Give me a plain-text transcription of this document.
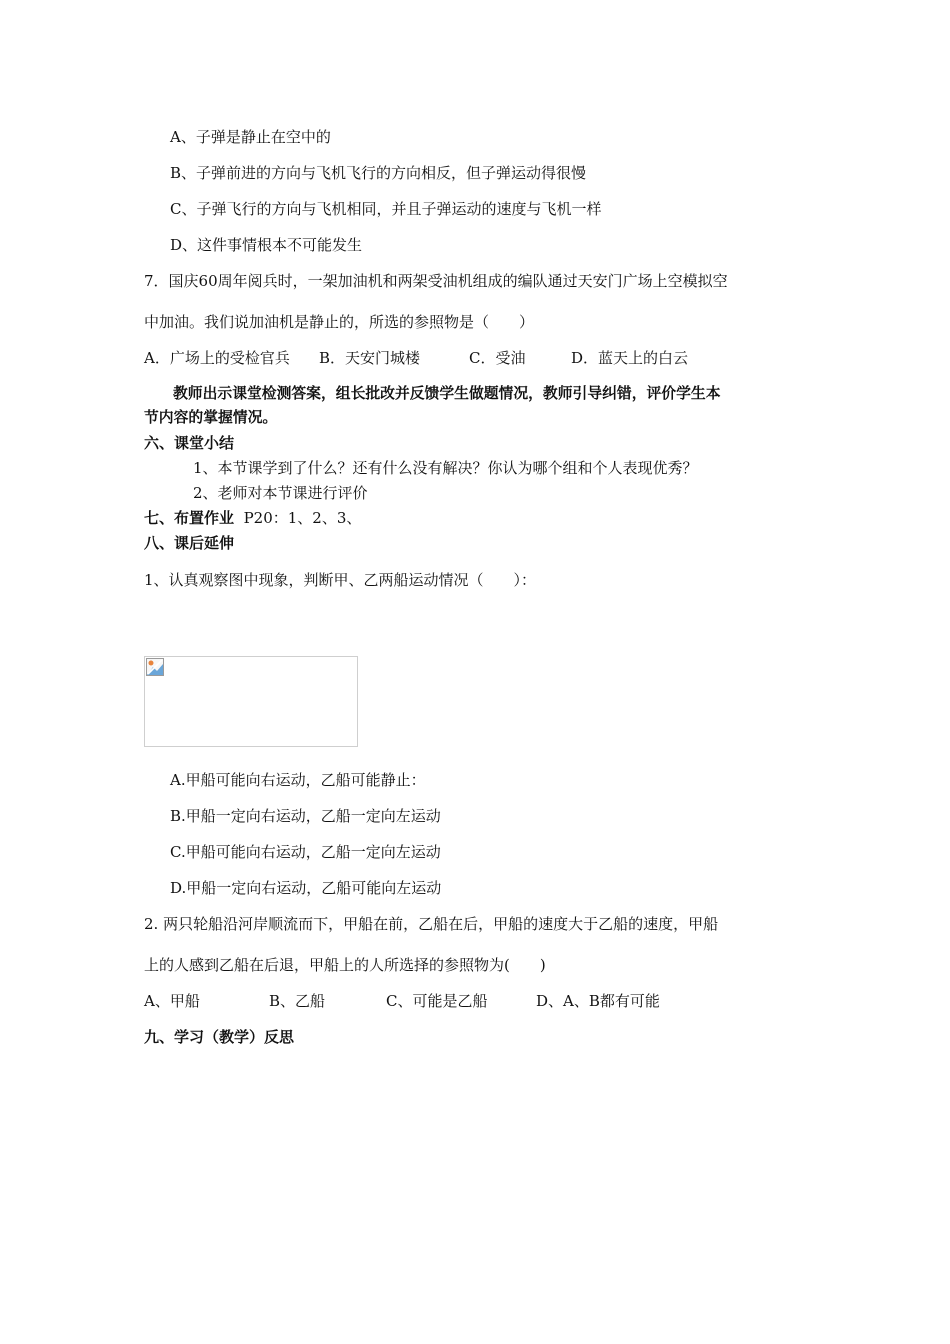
A、子弹是静止在空中的
B、子弹前进的方向与飞机飞行的方向相反，但子弹运动得很慢
C、子弹飞行的方向与飞机相同，并且子弹运动的速度与飞机一样
D、这件事情根本不可能发生
7．国庆60周年阅兵时，一架加油机和两架受油机组成的编队通过天安门广场上空模拟空
中加油。我们说加油机是静止的，所选的参照物是（　　）
A．广场上的受检官兵 B．天安门城楼	C．受油	D．蓝天上的白云
教师出示课堂检测答案，组长批改并反馈学生做题情况，教师引导纠错，评价学生本
节内容的掌握情况。
六、课堂小结
1、本节课学到了什么？还有什么没有解决？你认为哪个组和个人表现优秀？
2、老师对本节课进行评价
七、布置作业 P20：1、2、3、
八、课后延伸
1、认真观察图中现象，判断甲、乙两船运动情况（　　）：
A.甲船可能向右运动，乙船可能静止：
B.甲船一定向右运动，乙船一定向左运动
C.甲船可能向右运动，乙船一定向左运动
D.甲船一定向右运动，乙船可能向左运动
2. 两只轮船沿河岸顺流而下，甲船在前，乙船在后，甲船的速度大于乙船的速度，甲船
上的人感到乙船在后退，甲船上的人所选择的参照物为(　　)
A、甲船	B、乙船	C、可能是乙船	D、A、B都有可能
九、学习（教学）反思
